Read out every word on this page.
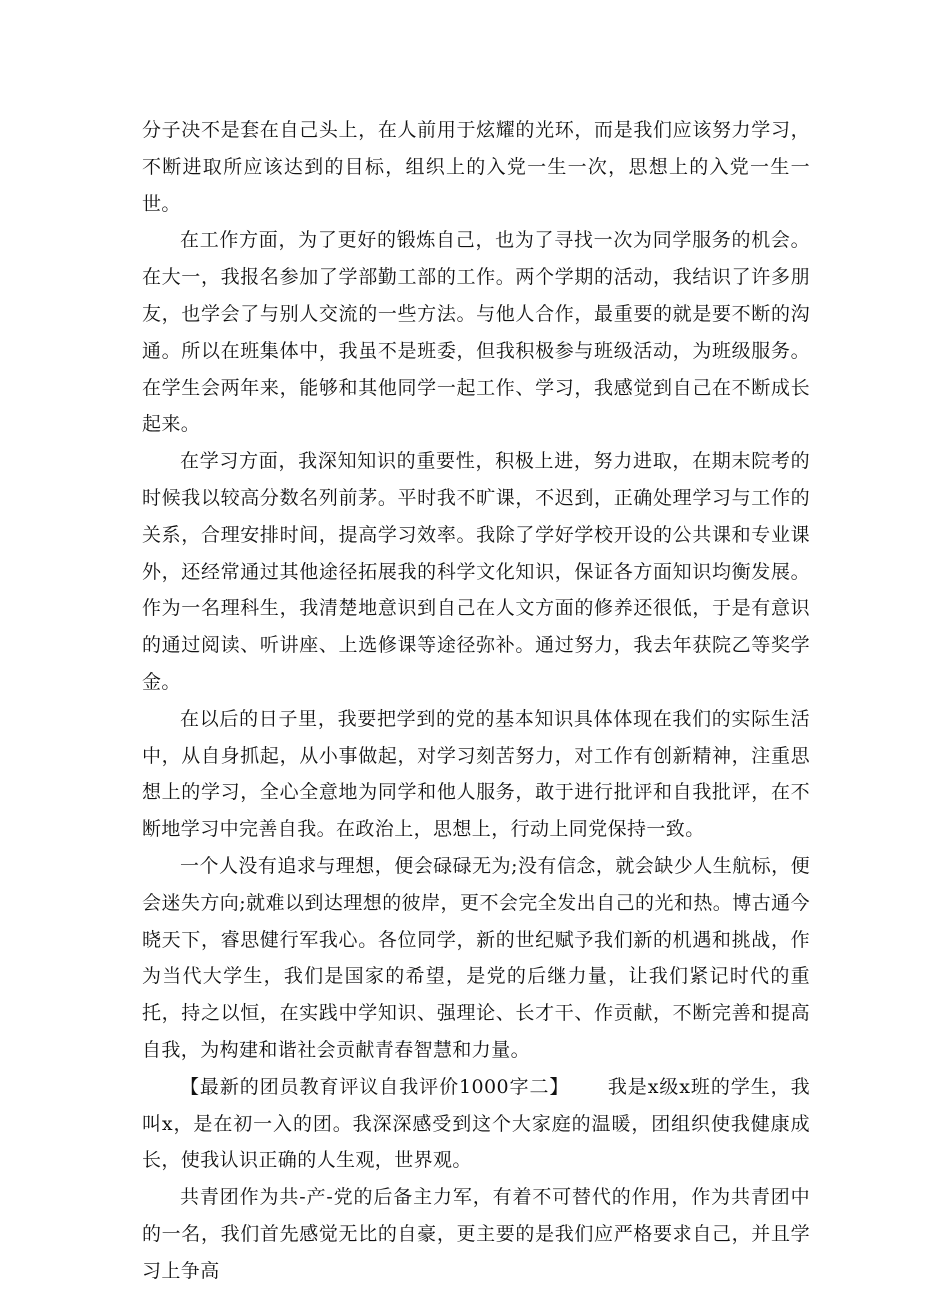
分子决不是套在自己头上，在人前用于炫耀的光环，而是我们应该努力学习，不断进取所应该达到的目标，组织上的入党一生一次，思想上的入党一生一世。

在工作方面，为了更好的锻炼自己，也为了寻找一次为同学服务的机会。在大一，我报名参加了学部勤工部的工作。两个学期的活动，我结识了许多朋友，也学会了与别人交流的一些方法。与他人合作，最重要的就是要不断的沟通。所以在班集体中，我虽不是班委，但我积极参与班级活动，为班级服务。在学生会两年来，能够和其他同学一起工作、学习，我感觉到自己在不断成长起来。

在学习方面，我深知知识的重要性，积极上进，努力进取，在期末院考的时候我以较高分数名列前茅。平时我不旷课，不迟到，正确处理学习与工作的关系，合理安排时间，提高学习效率。我除了学好学校开设的公共课和专业课外，还经常通过其他途径拓展我的科学文化知识，保证各方面知识均衡发展。作为一名理科生，我清楚地意识到自己在人文方面的修养还很低，于是有意识的通过阅读、听讲座、上选修课等途径弥补。通过努力，我去年获院乙等奖学金。

在以后的日子里，我要把学到的党的基本知识具体体现在我们的实际生活中，从自身抓起，从小事做起，对学习刻苦努力，对工作有创新精神，注重思想上的学习，全心全意地为同学和他人服务，敢于进行批评和自我批评，在不断地学习中完善自我。在政治上，思想上，行动上同党保持一致。

一个人没有追求与理想，便会碌碌无为;没有信念，就会缺少人生航标，便会迷失方向;就难以到达理想的彼岸，更不会完全发出自己的光和热。博古通今晓天下，睿思健行军我心。各位同学，新的世纪赋予我们新的机遇和挑战，作为当代大学生，我们是国家的希望，是党的后继力量，让我们紧记时代的重托，持之以恒，在实践中学知识、强理论、长才干、作贡献，不断完善和提高自我，为构建和谐社会贡献青春智慧和力量。

【最新的团员教育评议自我评价1000字二】 我是x级x班的学生，我叫x，是在初一入的团。我深深感受到这个大家庭的温暖，团组织使我健康成长，使我认识正确的人生观，世界观。

共青团作为共-产-党的后备主力军，有着不可替代的作用，作为共青团中的一名，我们首先感觉无比的自豪，更主要的是我们应严格要求自己，并且学习上争高
